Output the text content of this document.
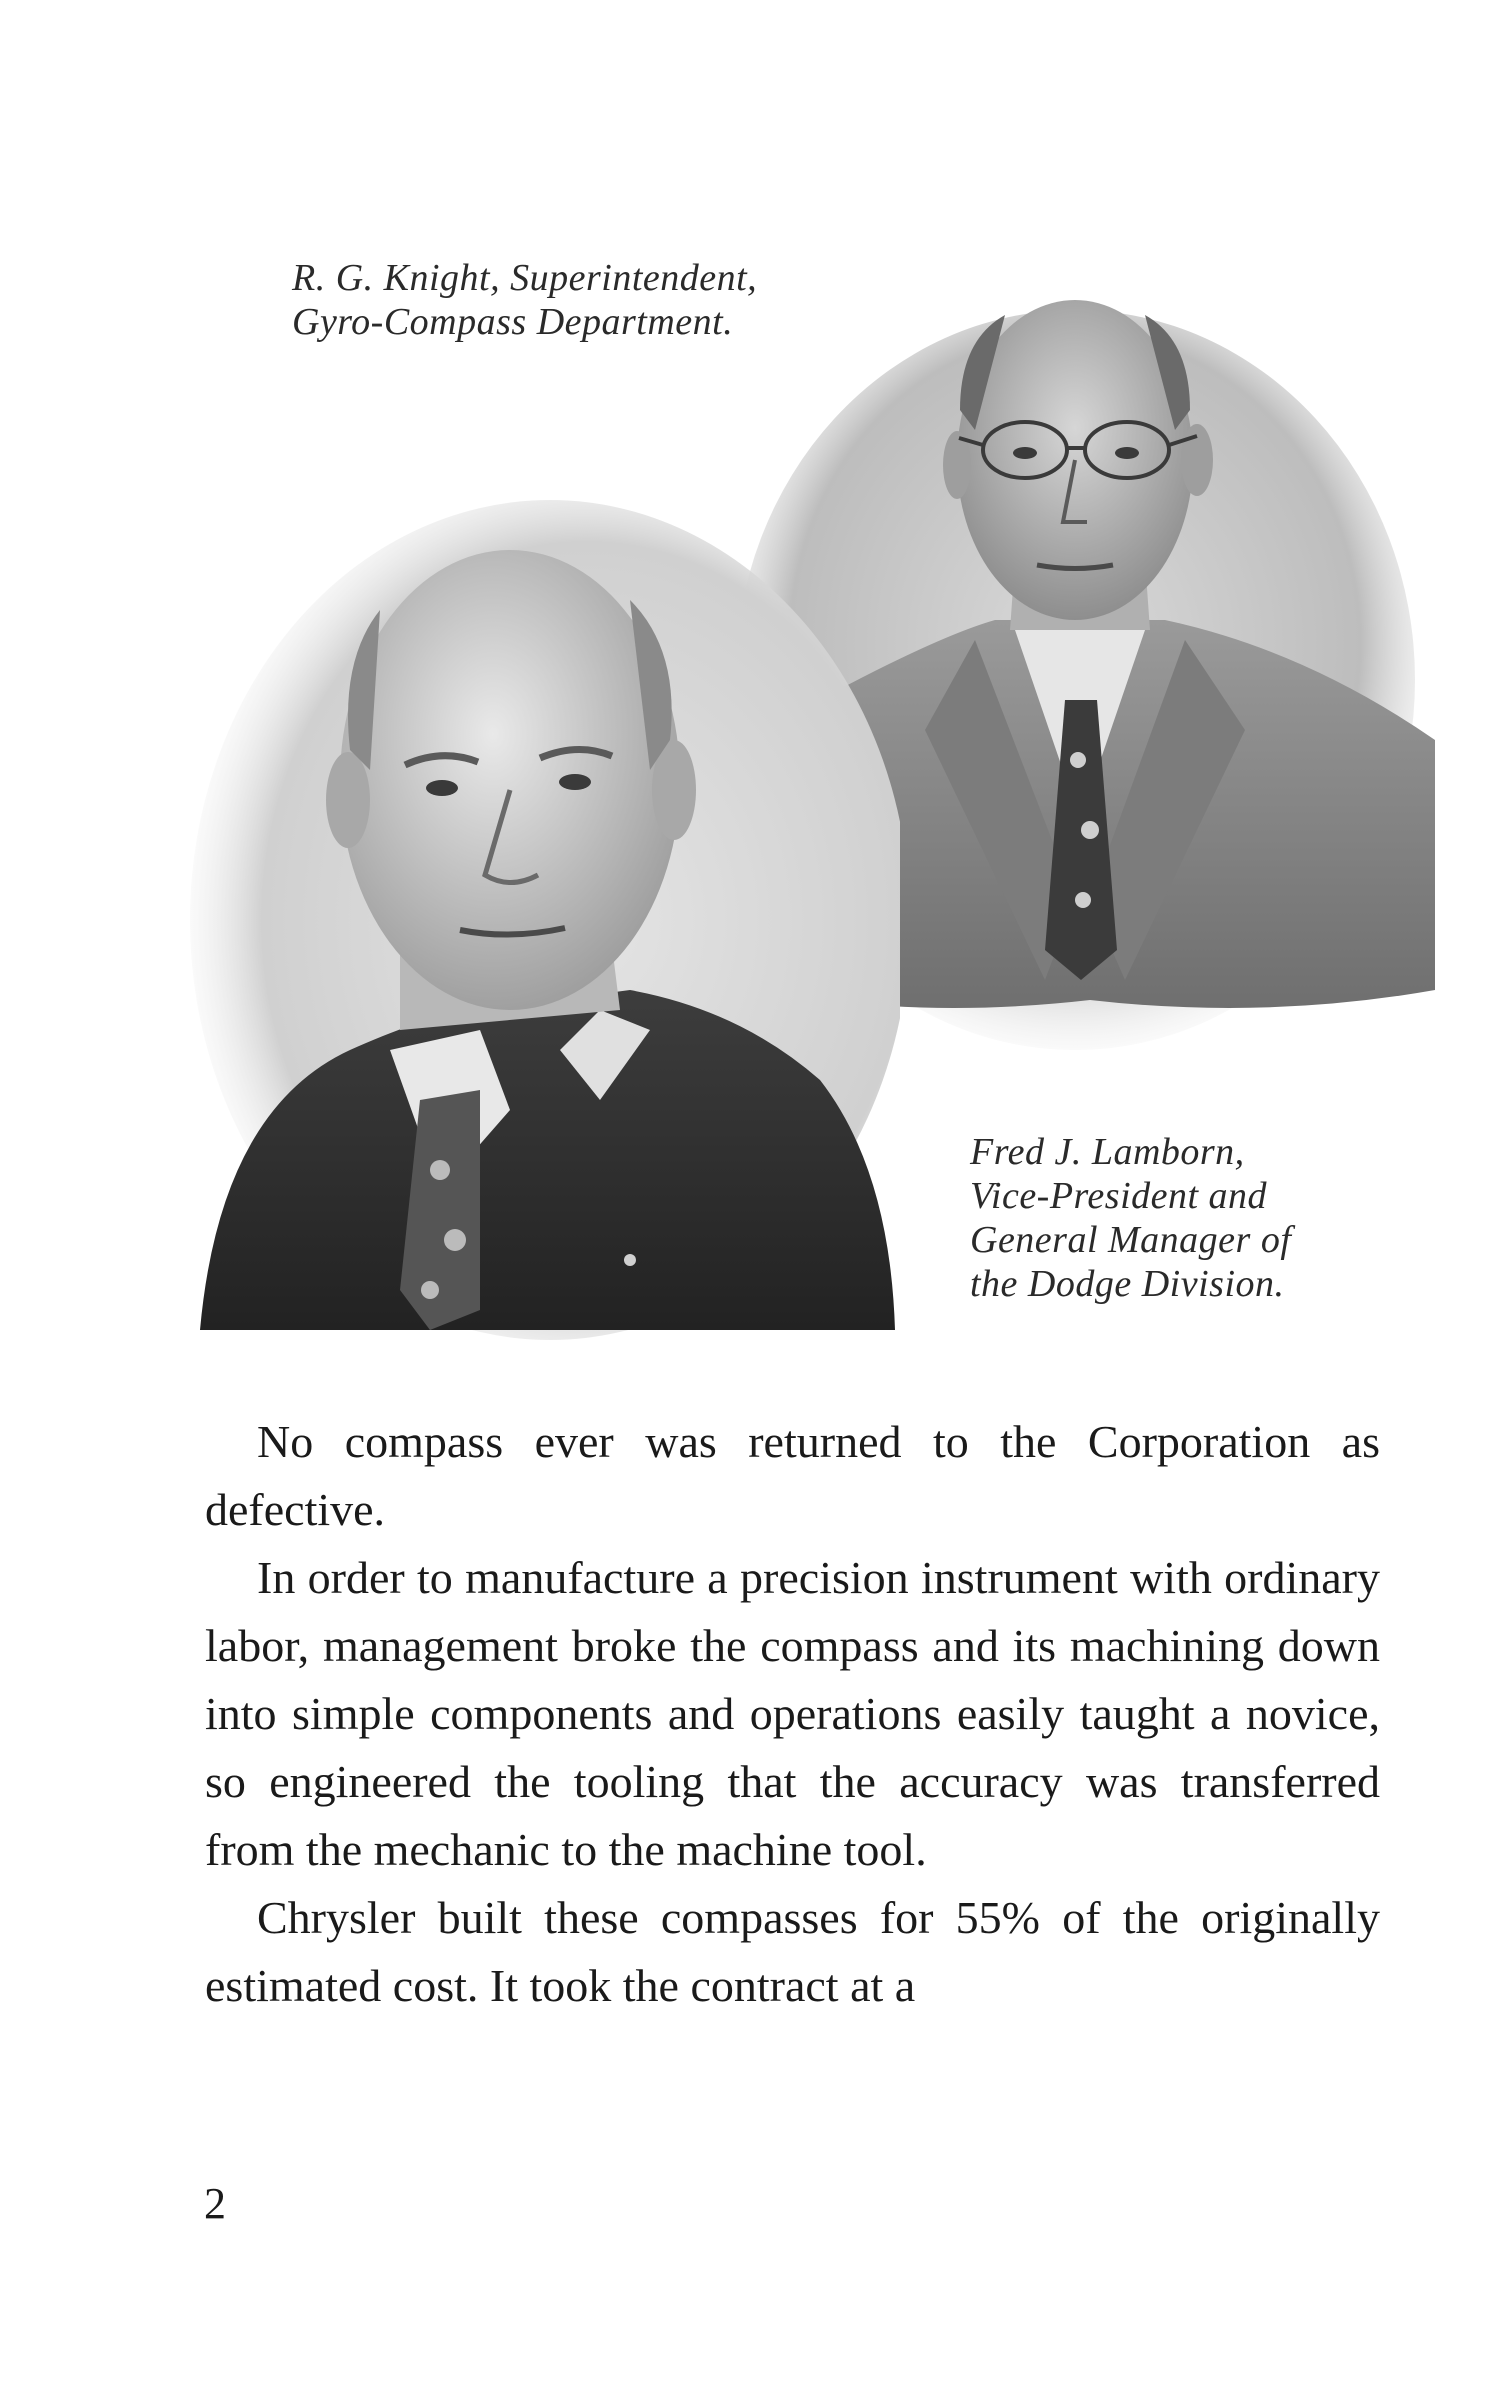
R. G. Knight, Superintendent,
Gyro-Compass Department.
Fred J. Lamborn,
Vice-President and
General Manager of
the Dodge Division.

No compass ever was returned to the Corporation as defective.

In order to manufacture a precision instrument with ordinary labor, management broke the compass and its machining down into simple components and operations easily taught a novice, so engineered the tooling that the accuracy was transferred from the mechanic to the machine tool.

Chrysler built these compasses for 55% of the originally estimated cost. It took the contract at a

2
